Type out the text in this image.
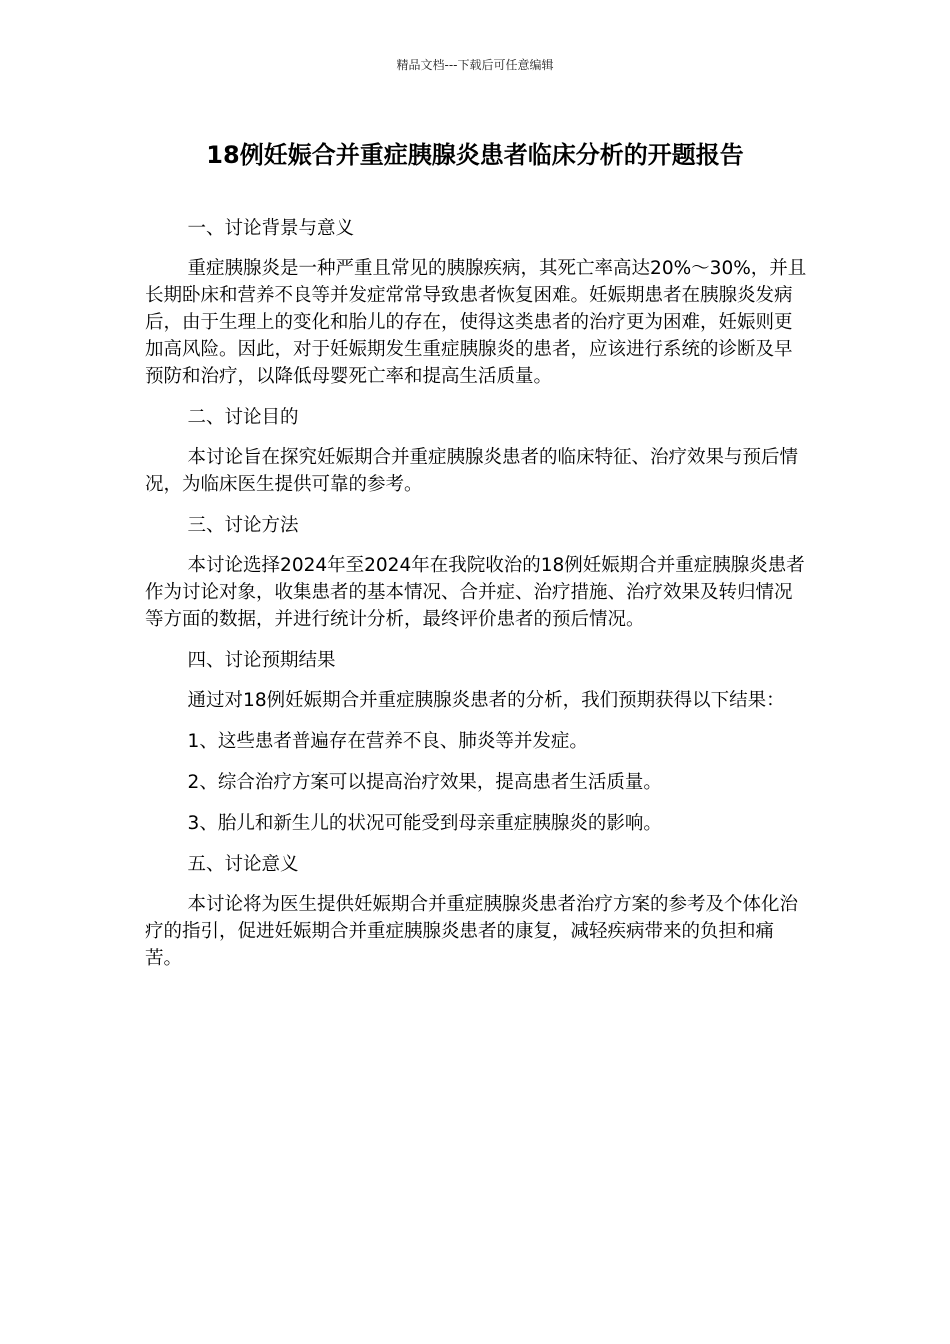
精品文档---下载后可任意编辑
18例妊娠合并重症胰腺炎患者临床分析的开题报告

一、讨论背景与意义

重症胰腺炎是一种严重且常见的胰腺疾病，其死亡率高达20%～30%，并且长期卧床和营养不良等并发症常常导致患者恢复困难。妊娠期患者在胰腺炎发病后，由于生理上的变化和胎儿的存在，使得这类患者的治疗更为困难，妊娠则更加高风险。因此，对于妊娠期发生重症胰腺炎的患者，应该进行系统的诊断及早预防和治疗，以降低母婴死亡率和提高生活质量。

二、讨论目的

本讨论旨在探究妊娠期合并重症胰腺炎患者的临床特征、治疗效果与预后情况，为临床医生提供可靠的参考。

三、讨论方法

本讨论选择2024年至2024年在我院收治的18例妊娠期合并重症胰腺炎患者作为讨论对象，收集患者的基本情况、合并症、治疗措施、治疗效果及转归情况等方面的数据，并进行统计分析，最终评价患者的预后情况。

四、讨论预期结果

通过对18例妊娠期合并重症胰腺炎患者的分析，我们预期获得以下结果：

1、这些患者普遍存在营养不良、肺炎等并发症。

2、综合治疗方案可以提高治疗效果，提高患者生活质量。

3、胎儿和新生儿的状况可能受到母亲重症胰腺炎的影响。

五、讨论意义

本讨论将为医生提供妊娠期合并重症胰腺炎患者治疗方案的参考及个体化治疗的指引，促进妊娠期合并重症胰腺炎患者的康复，减轻疾病带来的负担和痛苦。
